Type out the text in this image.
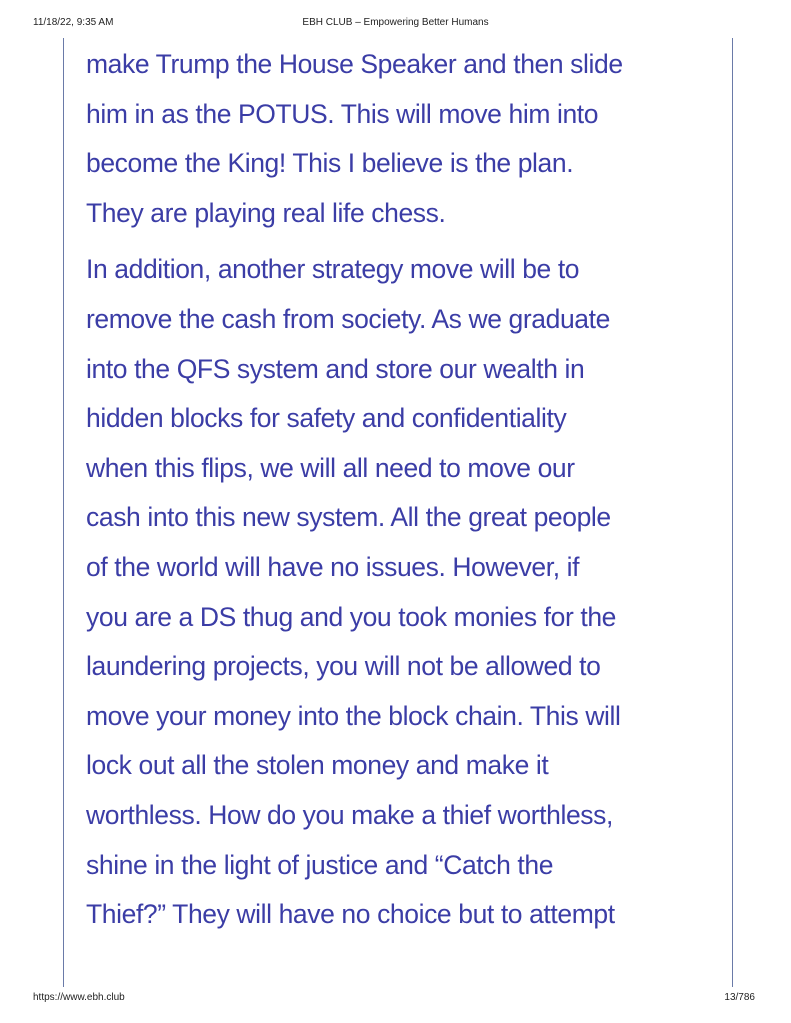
11/18/22, 9:35 AM	EBH CLUB – Empowering Better Humans

make Trump the House Speaker and then slide
him in as the POTUS. This will move him into
become the King! This I believe is the plan.
They are playing real life chess.

In addition, another strategy move will be to
remove the cash from society. As we graduate
into the QFS system and store our wealth in
hidden blocks for safety and confidentiality
when this flips, we will all need to move our
cash into this new system. All the great people
of the world will have no issues. However, if
you are a DS thug and you took monies for the
laundering projects, you will not be allowed to
move your money into the block chain. This will
lock out all the stolen money and make it
worthless. How do you make a thief worthless,
shine in the light of justice and “Catch the
Thief?” They will have no choice but to attempt

https://www.ebh.club	13/786
